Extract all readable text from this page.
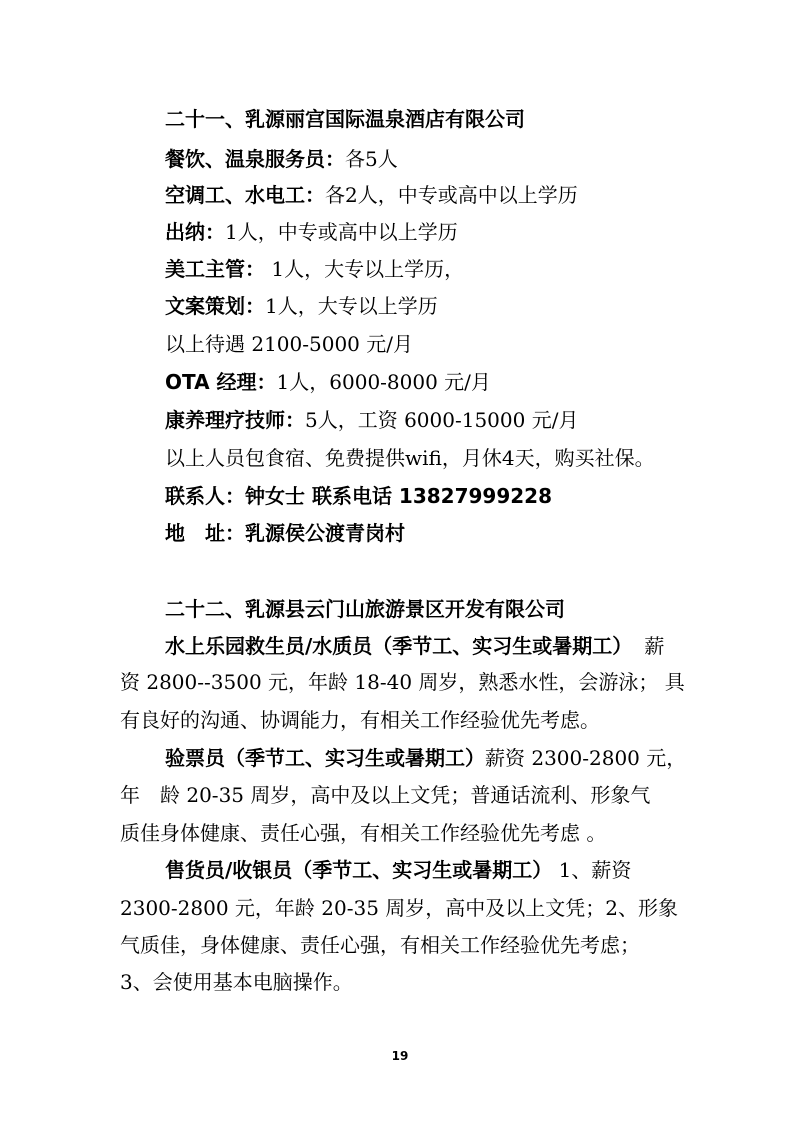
二十一、乳源丽宫国际温泉酒店有限公司
餐饮、温泉服务员：各5人
空调工、水电工：各2人，中专或高中以上学历
出纳：1人，中专或高中以上学历
美工主管： 1人，大专以上学历，
文案策划：1人，大专以上学历
以上待遇 2100-5000 元/月
OTA 经理：1人，6000-8000 元/月
康养理疗技师：5人，工资 6000-15000 元/月
以上人员包食宿、免费提供wifi，月休4天，购买社保。
联系人：钟女士 联系电话 13827999228
地　址：乳源侯公渡青岗村
二十二、乳源县云门山旅游景区开发有限公司
水上乐园救生员/水质员（季节工、实习生或暑期工） 薪
资 2800--3500 元，年龄 18-40 周岁，熟悉水性，会游泳； 具
有良好的沟通、协调能力，有相关工作经验优先考虑。
验票员（季节工、实习生或暑期工）薪资 2300-2800 元，
年　龄 20-35 周岁，高中及以上文凭；普通话流利、形象气
质佳身体健康、责任心强，有相关工作经验优先考虑 。
售货员/收银员（季节工、实习生或暑期工） 1、薪资
2300-2800 元，年龄 20-35 周岁，高中及以上文凭；2、形象
气质佳，身体健康、责任心强，有相关工作经验优先考虑；
3、会使用基本电脑操作。
19
